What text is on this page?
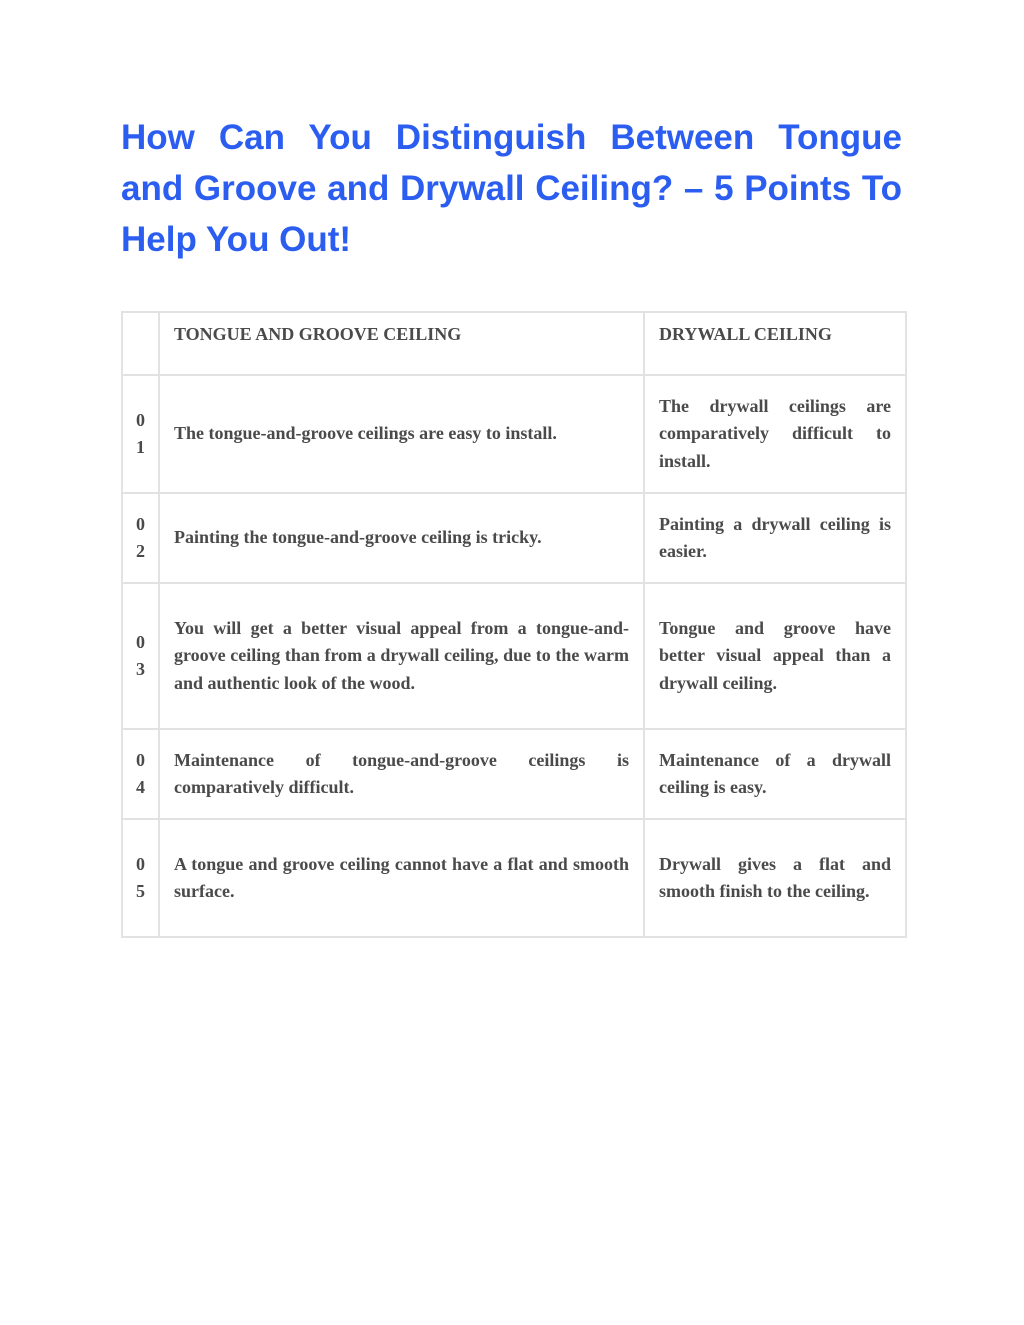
How Can You Distinguish Between Tongue and Groove and Drywall Ceiling? – 5 Points To Help You Out!
	TONGUE AND GROOVE CEILING	DRYWALL CEILING

01	The tongue-and-groove ceilings are easy to install.	The drywall ceilings are comparatively difficult to install.

02	Painting the tongue-and-groove ceiling is tricky.	Painting a drywall ceiling is easier.

03	You will get a better visual appeal from a tongue-and-groove ceiling than from a drywall ceiling, due to the warm and authentic look of the wood.	Tongue and groove have better visual appeal than a drywall ceiling.

04	Maintenance of tongue-and-groove ceilings is comparatively difficult.	Maintenance of a drywall ceiling is easy.

05	A tongue and groove ceiling cannot have a flat and smooth surface.	Drywall gives a flat and smooth finish to the ceiling.
